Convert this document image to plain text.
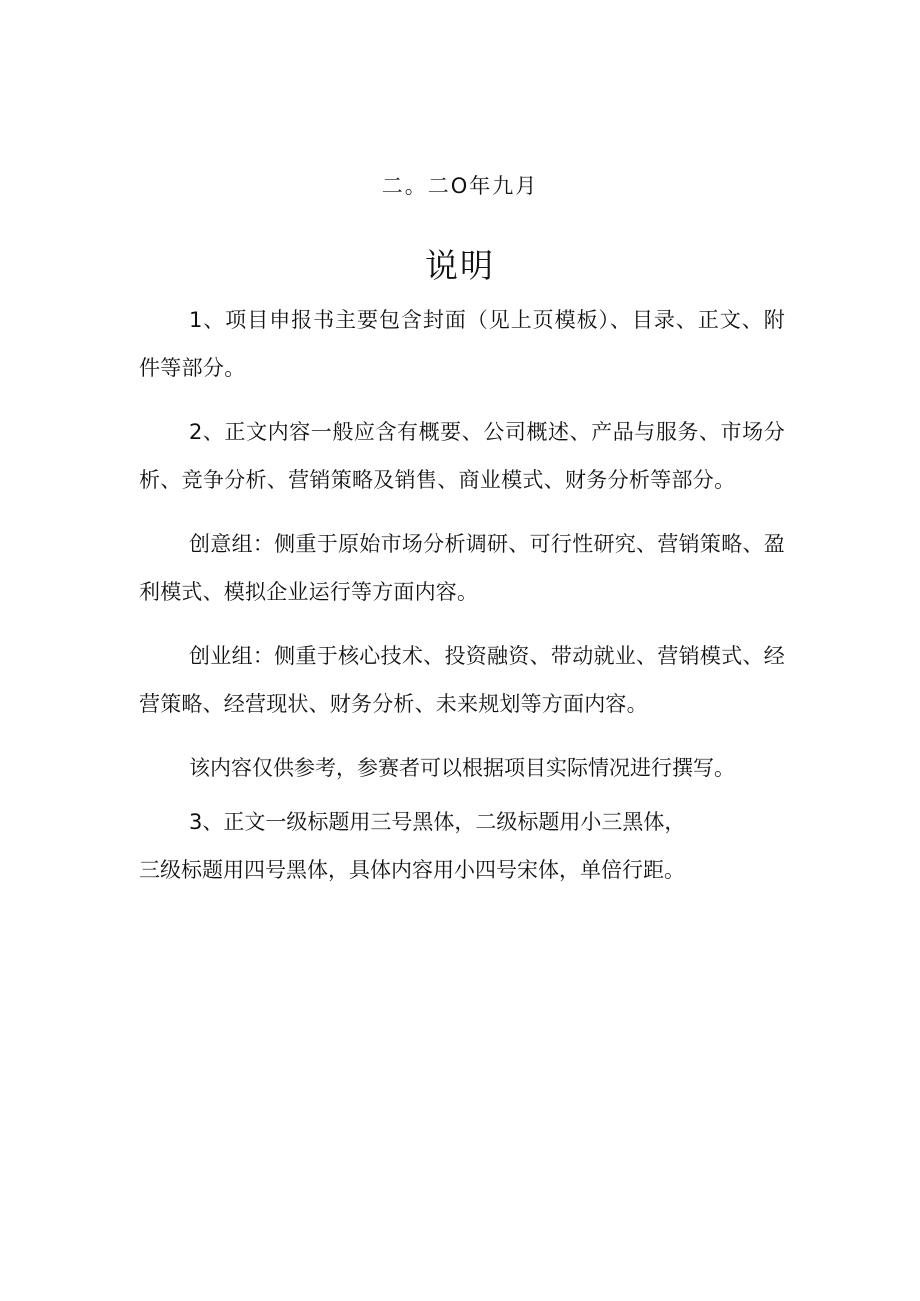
二。二O年九月
说明

1、项目申报书主要包含封面（见上页模板）、目录、正文、附件等部分。

2、正文内容一般应含有概要、公司概述、产品与服务、市场分析、竞争分析、营销策略及销售、商业模式、财务分析等部分。

创意组：侧重于原始市场分析调研、可行性研究、营销策略、盈利模式、模拟企业运行等方面内容。

创业组：侧重于核心技术、投资融资、带动就业、营销模式、经营策略、经营现状、财务分析、未来规划等方面内容。

该内容仅供参考，参赛者可以根据项目实际情况进行撰写。

3、正文一级标题用三号黑体，二级标题用小三黑体，
三级标题用四号黑体，具体内容用小四号宋体，单倍行距。
